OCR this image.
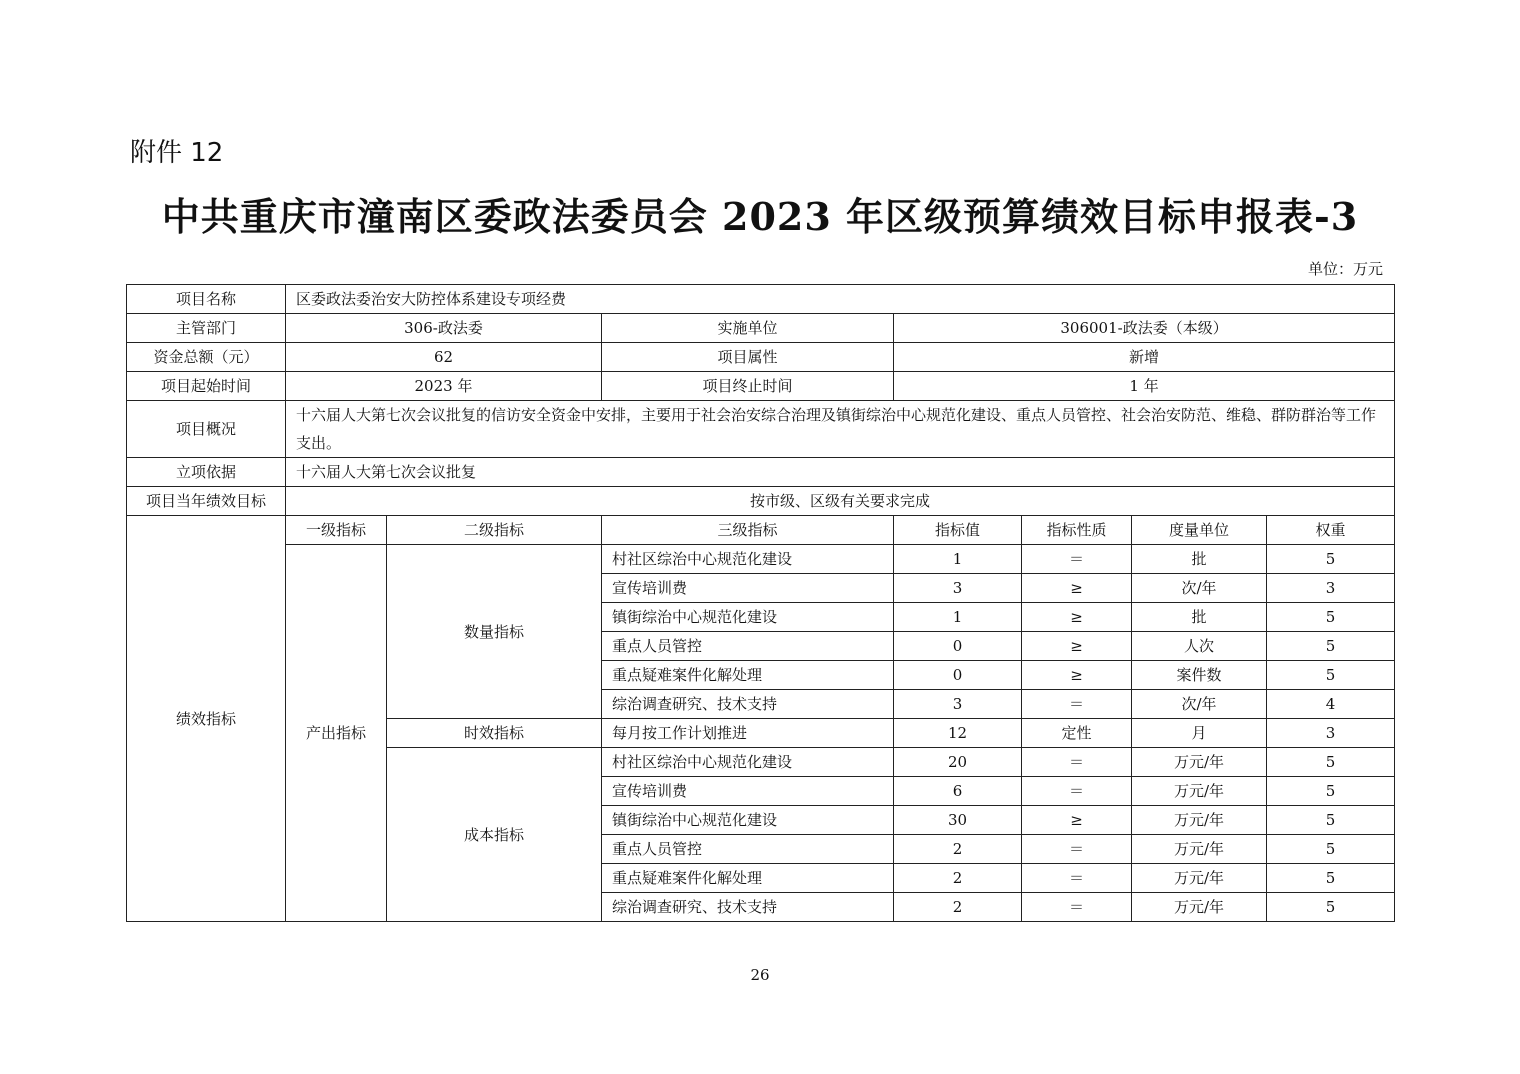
附件 12
中共重庆市潼南区委政法委员会 2023 年区级预算绩效目标申报表-3
单位：万元
项目名称	区委政法委治安大防控体系建设专项经费						
主管部门	306-政法委		实施单位	306001-政法委（本级）			
资金总额（元）	62		项目属性	新增			
项目起始时间	2023 年		项目终止时间	1 年			
项目概况	十六届人大第七次会议批复的信访安全资金中安排，主要用于社会治安综合治理及镇街综治中心规范化建设、重点人员管控、社会治安防范、维稳、群防群治等工作支出。						
立项依据	十六届人大第七次会议批复						
项目当年绩效目标	按市级、区级有关要求完成						
绩效指标	一级指标	二级指标	三级指标	指标值	指标性质	度量单位	权重
	产出指标	数量指标	村社区综治中心规范化建设	1	＝	批	5
			宣传培训费	3	≥	次/年	3
			镇街综治中心规范化建设	1	≥	批	5
			重点人员管控	0	≥	人次	5
			重点疑难案件化解处理	0	≥	案件数	5
			综治调查研究、技术支持	3	＝	次/年	4
		时效指标	每月按工作计划推进	12	定性	月	3
		成本指标	村社区综治中心规范化建设	20	＝	万元/年	5
			宣传培训费	6	＝	万元/年	5
			镇街综治中心规范化建设	30	≥	万元/年	5
			重点人员管控	2	＝	万元/年	5
			重点疑难案件化解处理	2	＝	万元/年	5
			综治调查研究、技术支持	2	＝	万元/年	5
26
